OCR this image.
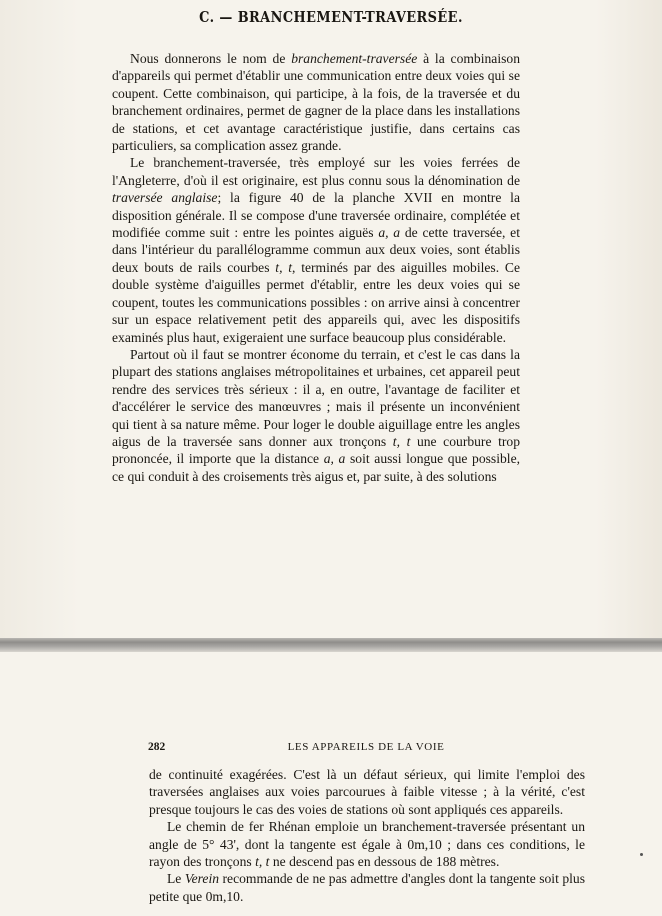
C. — BRANCHEMENT-TRAVERSÉE.

Nous donnerons le nom de branchement-traversée à la combinaison d'appareils qui permet d'établir une communication entre deux voies qui se coupent. Cette combinaison, qui participe, à la fois, de la traversée et du branchement ordinaires, permet de gagner de la place dans les installations de stations, et cet avantage caractéristique justifie, dans certains cas particuliers, sa complication assez grande.

Le branchement-traversée, très employé sur les voies ferrées de l'Angleterre, d'où il est originaire, est plus connu sous la dénomination de traversée anglaise; la figure 40 de la planche XVII en montre la disposition générale. Il se compose d'une traversée ordinaire, complétée et modifiée comme suit : entre les pointes aiguës a, a de cette traversée, et dans l'intérieur du parallélogramme commun aux deux voies, sont établis deux bouts de rails courbes t, t, terminés par des aiguilles mobiles. Ce double système d'aiguilles permet d'établir, entre les deux voies qui se coupent, toutes les communications possibles : on arrive ainsi à concentrer sur un espace relativement petit des appareils qui, avec les dispositifs examinés plus haut, exigeraient une surface beaucoup plus considérable.

Partout où il faut se montrer économe du terrain, et c'est le cas dans la plupart des stations anglaises métropolitaines et urbaines, cet appareil peut rendre des services très sérieux : il a, en outre, l'avantage de faciliter et d'accélérer le service des manœuvres ; mais il présente un inconvénient qui tient à sa nature même. Pour loger le double aiguillage entre les angles aigus de la traversée sans donner aux tronçons t, t une courbure trop prononcée, il importe que la distance a, a soit aussi longue que possible, ce qui conduit à des croisements très aigus et, par suite, à des solutions

282	LES APPAREILS DE LA VOIE

de continuité exagérées. C'est là un défaut sérieux, qui limite l'emploi des traversées anglaises aux voies parcourues à faible vitesse ; à la vérité, c'est presque toujours le cas des voies de stations où sont appliqués ces appareils.

Le chemin de fer Rhénan emploie un branchement-traversée présentant un angle de 5° 43', dont la tangente est égale à 0m,10 ; dans ces conditions, le rayon des tronçons t, t ne descend pas en dessous de 188 mètres.

Le Verein recommande de ne pas admettre d'angles dont la tangente soit plus petite que 0m,10.
